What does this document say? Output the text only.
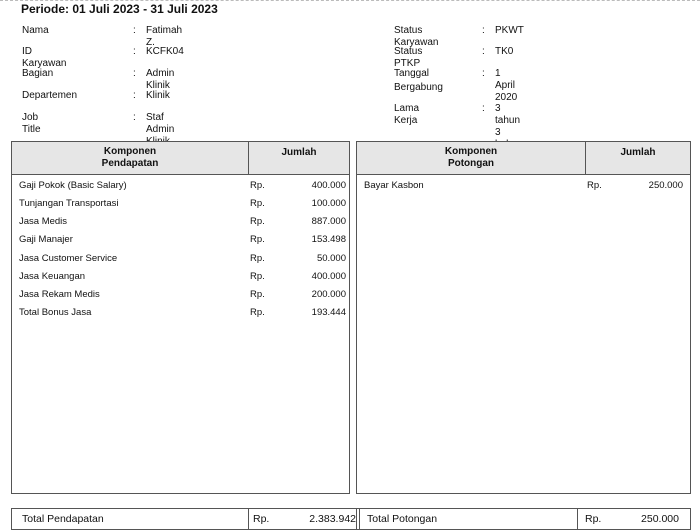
Periode: 01 Juli 2023 - 31 Juli 2023
Nama	: Fatimah Z.
ID Karyawan
: KCFK04
Bagian	: Admin Klinik
Departemen	: Klinik
Job Title
: Staf Admin
Status Karyawan
: PKWT
Status PTKP
: TK0
Tanggal
Bergabung
: 1 April 2020
Lama Kerja
: 3 tahun 3
Komponen
Pendapatan
Jumlah
Gaji Pokok (Basic Salary)	Rp.	400.000
Tunjangan Transportasi	Rp.	100.000
Jasa Medis	Rp.	887.000
Gaji Manajer	Rp.	153.498
Jasa Customer Service	Rp.	50.000
Jasa Keuangan	Rp.	400.000
Jasa Rekam Medis	Rp.	200.000
Total Bonus Jasa	Rp.	193.444
Komponen
Potongan
Jumlah
Bayar Kasbon	Rp.	250.000
Total Pendapatan	Rp.	2.383.942 Total Potongan	Rp.	250.000
